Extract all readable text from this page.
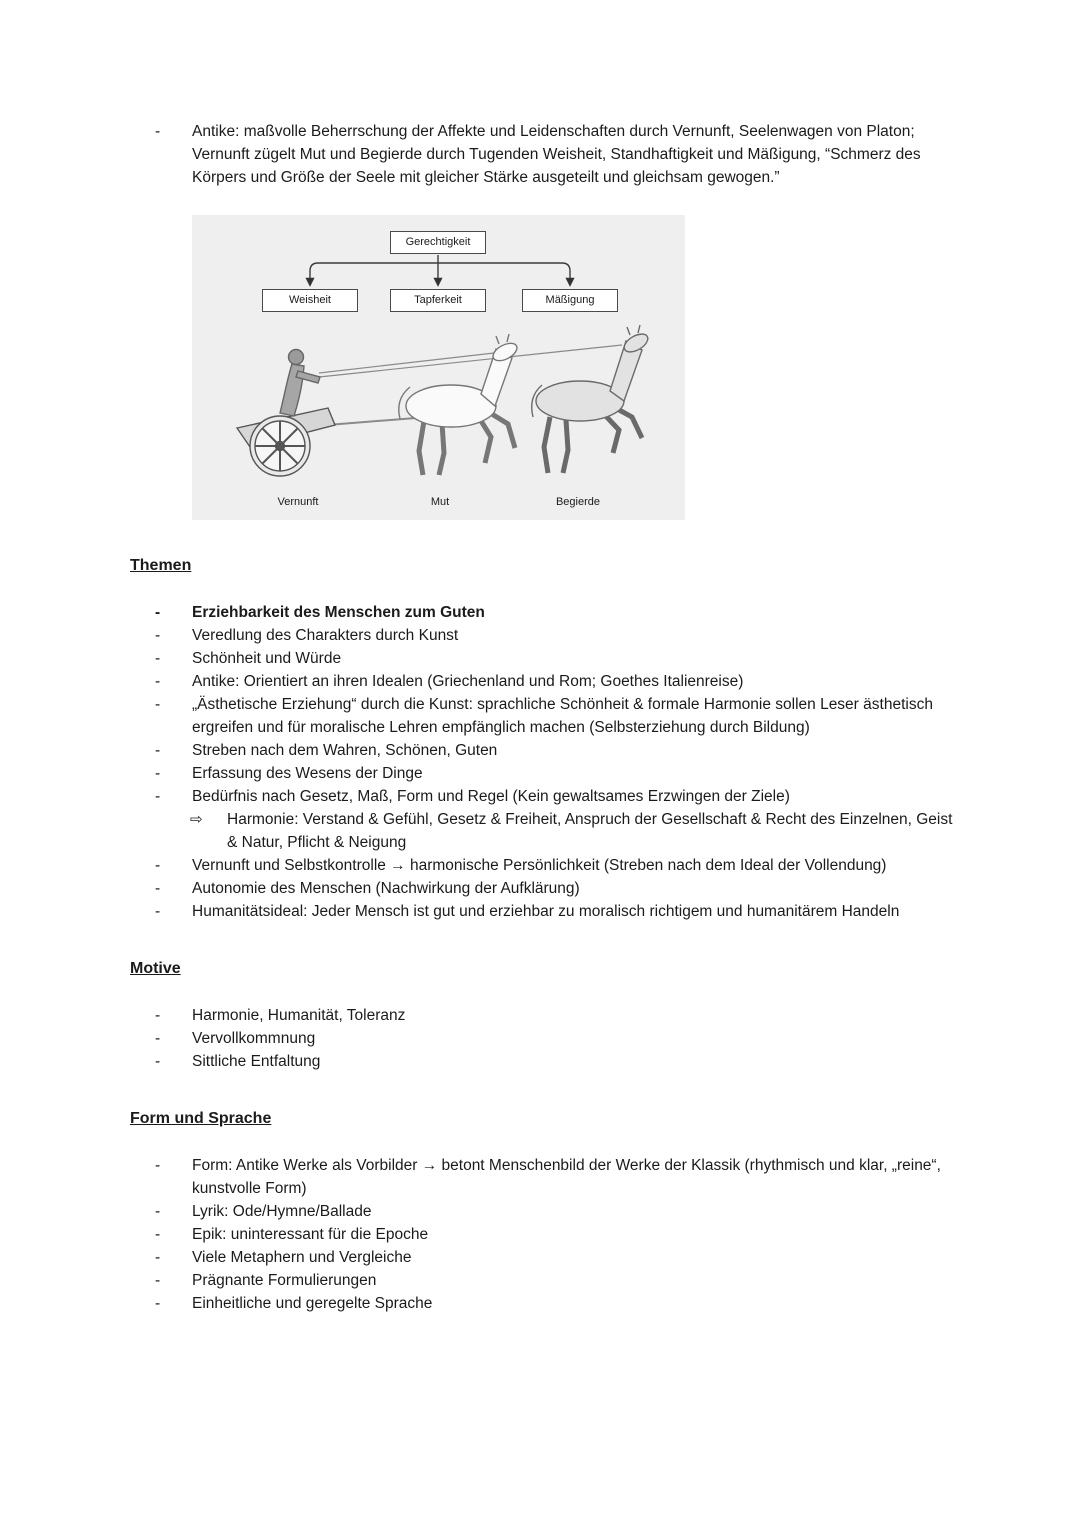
- Antike: maßvolle Beherrschung der Affekte und Leidenschaften durch Vernunft, Seelenwagen von Platon; Vernunft zügelt Mut und Begierde durch Tugenden Weisheit, Standhaftigkeit und Mäßigung, “Schmerz des Körpers und Größe der Seele mit gleicher Stärke ausgeteilt und gleichsam gewogen.”
Gerechtigkeit
Weisheit	Tapferkeit	Mäßigung
Vernunft	Mut	Begierde
Themen
- Erziehbarkeit des Menschen zum Guten
- Veredlung des Charakters durch Kunst
- Schönheit und Würde
- Antike: Orientiert an ihren Idealen (Griechenland und Rom; Goethes Italienreise)
- „Ästhetische Erziehung“ durch die Kunst: sprachliche Schönheit & formale Harmonie sollen Leser ästhetisch ergreifen und für moralische Lehren empfänglich machen (Selbsterziehung durch Bildung)
- Streben nach dem Wahren, Schönen, Guten
- Erfassung des Wesens der Dinge
- Bedürfnis nach Gesetz, Maß, Form und Regel (Kein gewaltsames Erzwingen der Ziele)
⇨ Harmonie: Verstand & Gefühl, Gesetz & Freiheit, Anspruch der Gesellschaft & Recht des Einzelnen, Geist & Natur, Pflicht & Neigung
- Vernunft und Selbstkontrolle → harmonische Persönlichkeit (Streben nach dem Ideal der Vollendung)
- Autonomie des Menschen (Nachwirkung der Aufklärung)
- Humanitätsideal: Jeder Mensch ist gut und erziehbar zu moralisch richtigem und humanitärem Handeln
Motive
- Harmonie, Humanität, Toleranz
- Vervollkommnung
- Sittliche Entfaltung
Form und Sprache
- Form: Antike Werke als Vorbilder → betont Menschenbild der Werke der Klassik (rhythmisch und klar, „reine“, kunstvolle Form)
- Lyrik: Ode/Hymne/Ballade
- Epik: uninteressant für die Epoche
- Viele Metaphern und Vergleiche
- Prägnante Formulierungen
- Einheitliche und geregelte Sprache
